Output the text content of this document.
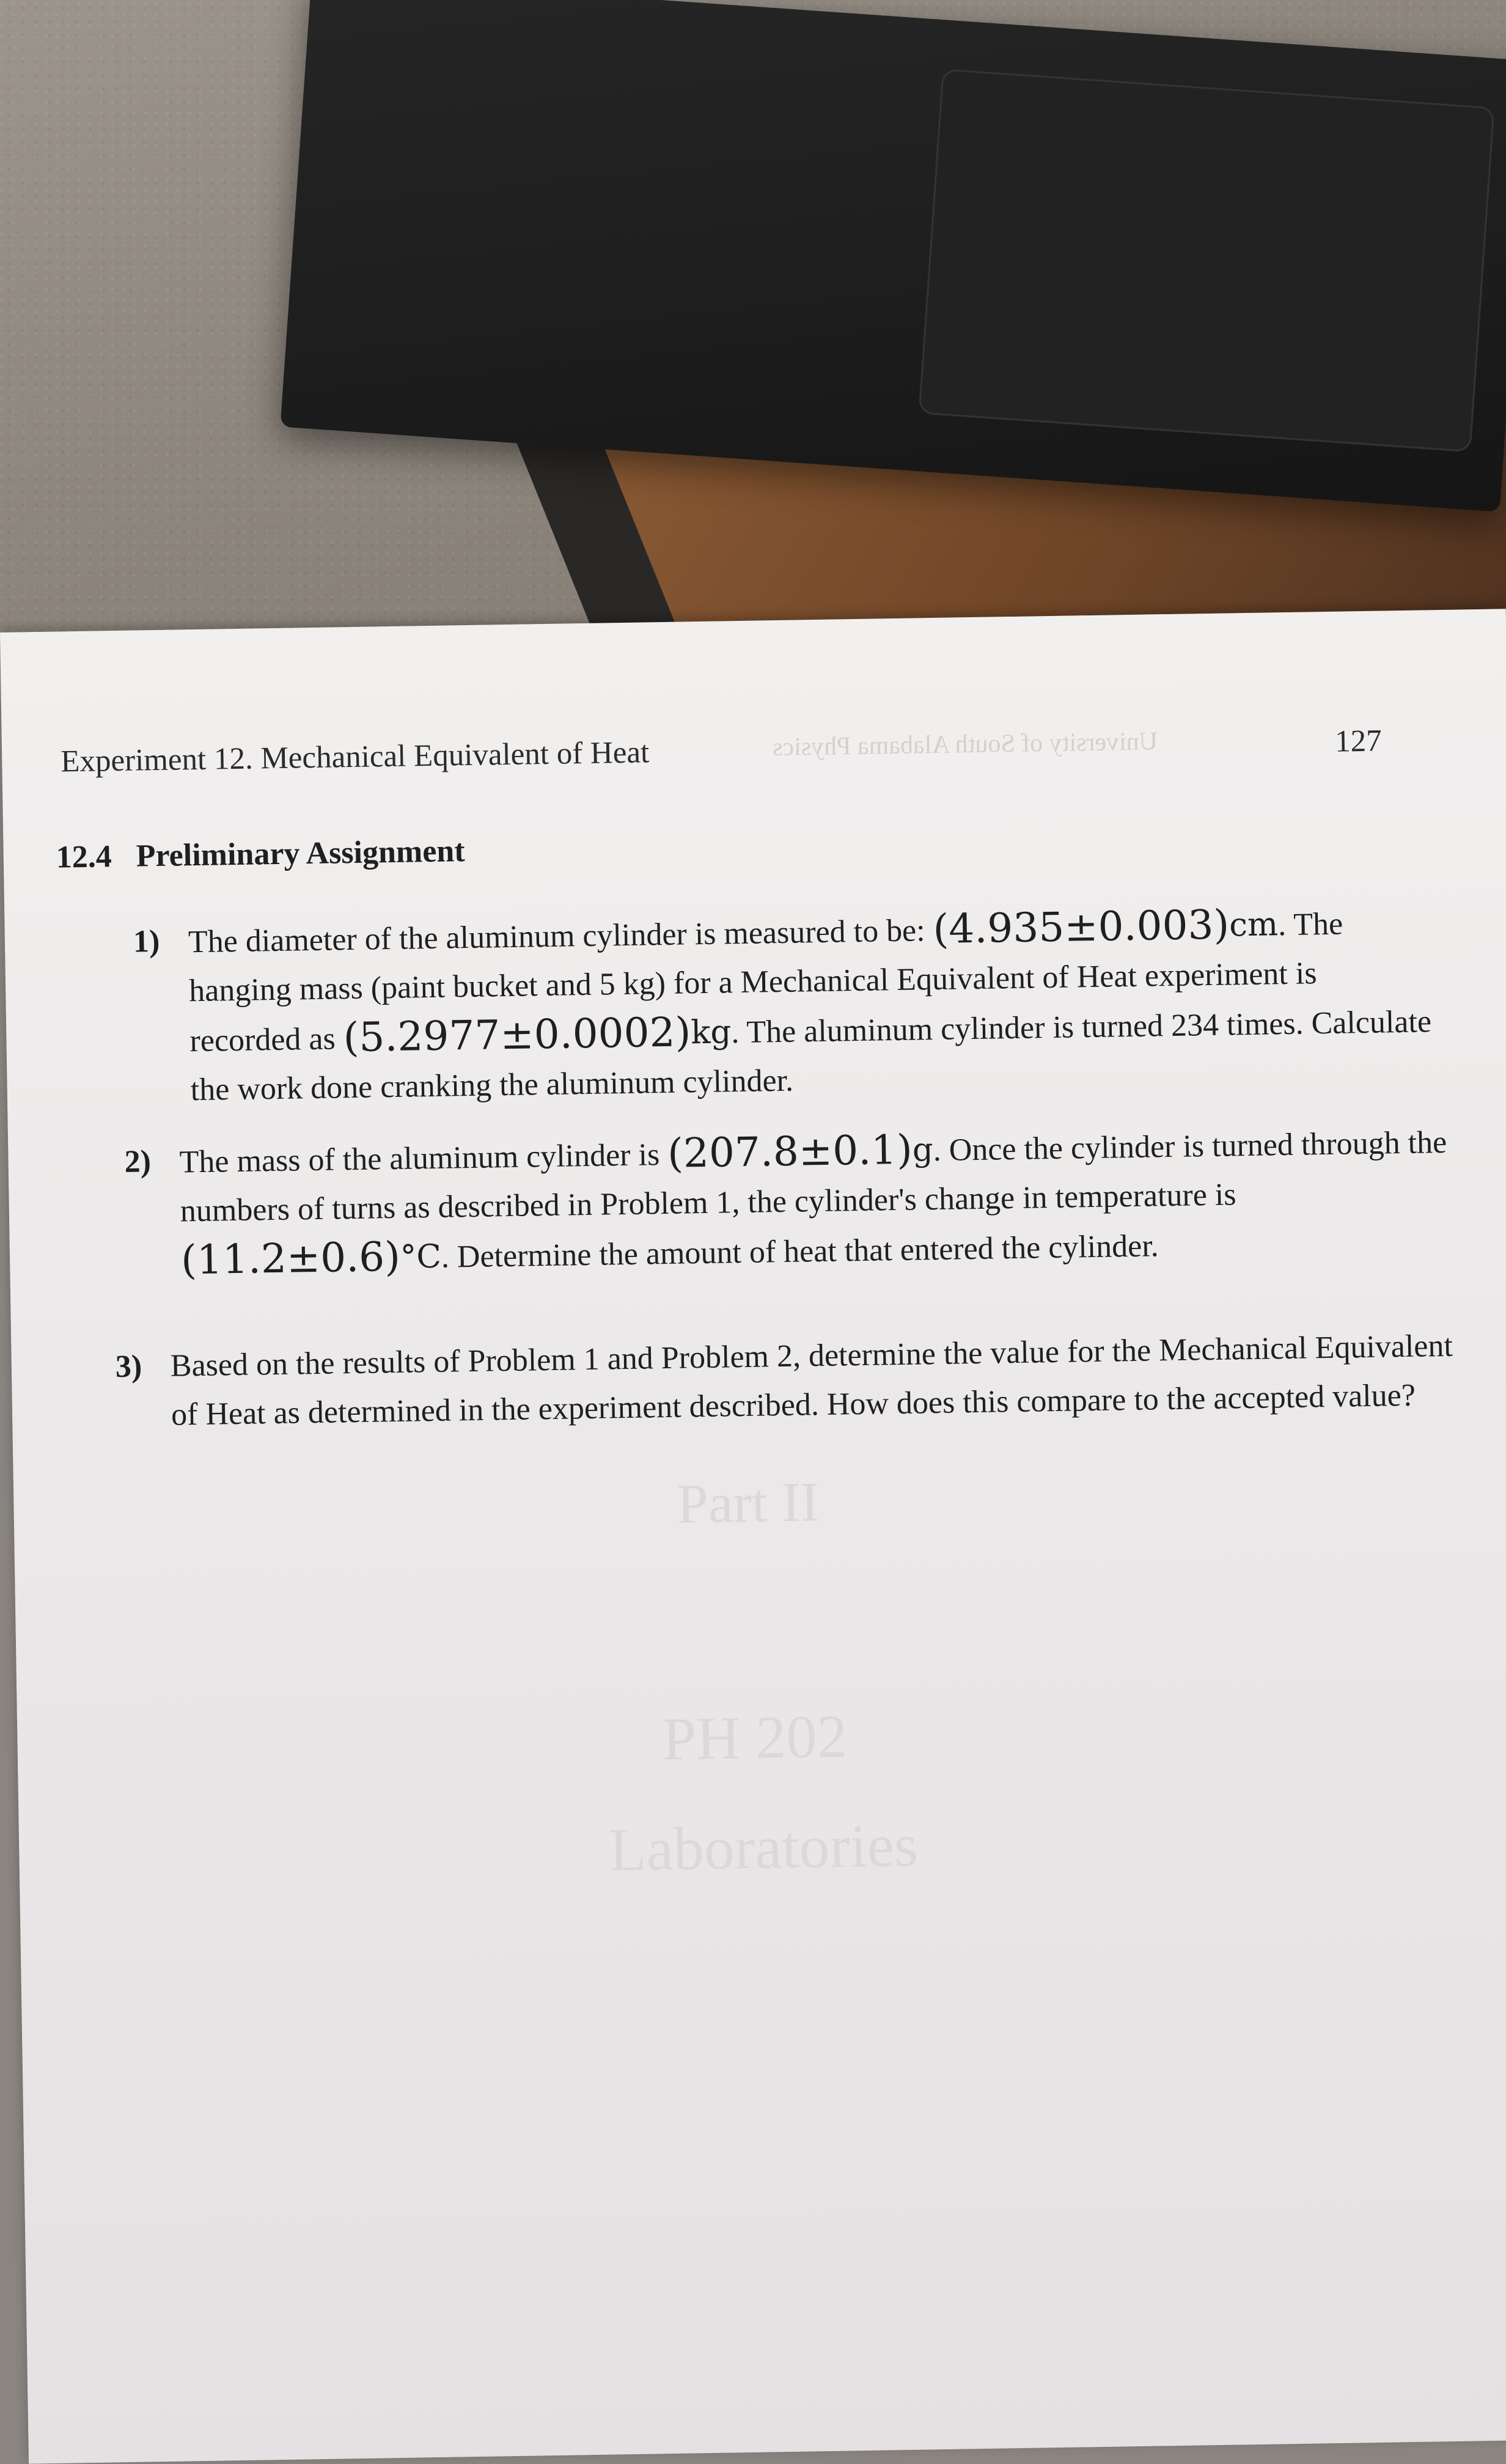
Experiment 12. Mechanical Equivalent of Heat	University of South Alabama Physics	127
12.4 Preliminary Assignment
1) The diameter of the aluminum cylinder is measured to be: (4.935±0.003)cm. The hanging mass (paint bucket and 5 kg) for a Mechanical Equivalent of Heat experiment is recorded as (5.2977±0.0002)kg. The aluminum cylinder is turned 234 times. Calculate the work done cranking the aluminum cylinder.
2) The mass of the aluminum cylinder is (207.8±0.1)g. Once the cylinder is turned through the numbers of turns as described in Problem 1, the cylinder's change in temperature is (11.2±0.6)°C. Determine the amount of heat that entered the cylinder.
3) Based on the results of Problem 1 and Problem 2, determine the value for the Mechanical Equivalent of Heat as determined in the experiment described. How does this compare to the accepted value?
Part II
PH 202
Laboratories
